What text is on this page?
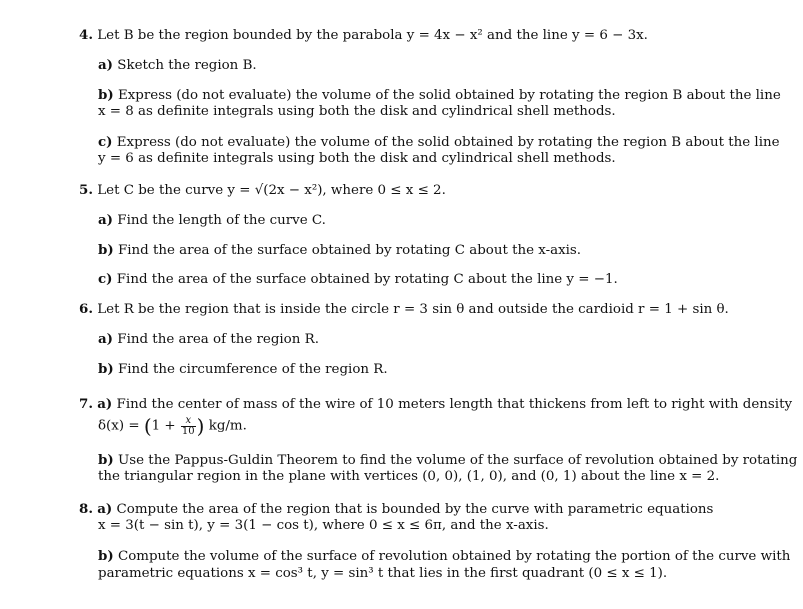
4. Let B be the region bounded by the parabola y = 4x − x² and the line y = 6 − 3x.
a) Sketch the region B.
b) Express (do not evaluate) the volume of the solid obtained by rotating the region B about the line
x = 8 as definite integrals using both the disk and cylindrical shell methods.
c) Express (do not evaluate) the volume of the solid obtained by rotating the region B about the line
y = 6 as definite integrals using both the disk and cylindrical shell methods.
5. Let C be the curve y = √(2x − x²), where 0 ≤ x ≤ 2.
a) Find the length of the curve C.
b) Find the area of the surface obtained by rotating C about the x-axis.
c) Find the area of the surface obtained by rotating C about the line y = −1.
6. Let R be the region that is inside the circle r = 3 sin θ and outside the cardioid r = 1 + sin θ.
a) Find the area of the region R.
b) Find the circumference of the region R.
7. a) Find the center of mass of the wire of 10 meters length that thickens from left to right with density
$\delta(x) = (1 + \frac{x}{10}$ ) kg/m.
b) Use the Pappus-Guldin Theorem to find the volume of the surface of revolution obtained by rotating
the triangular region in the plane with vertices (0, 0), (1, 0), and (0, 1) about the line x = 2.
8. a) Compute the area of the region that is bounded by the curve with parametric equations
x = 3(t − sin t), y = 3(1 − cos t), where 0 ≤ x ≤ 6π, and the x-axis.
b) Compute the volume of the surface of revolution obtained by rotating the portion of the curve with
parametric equations x = cos³ t, y = sin³ t that lies in the first quadrant (0 ≤ x ≤ 1).
